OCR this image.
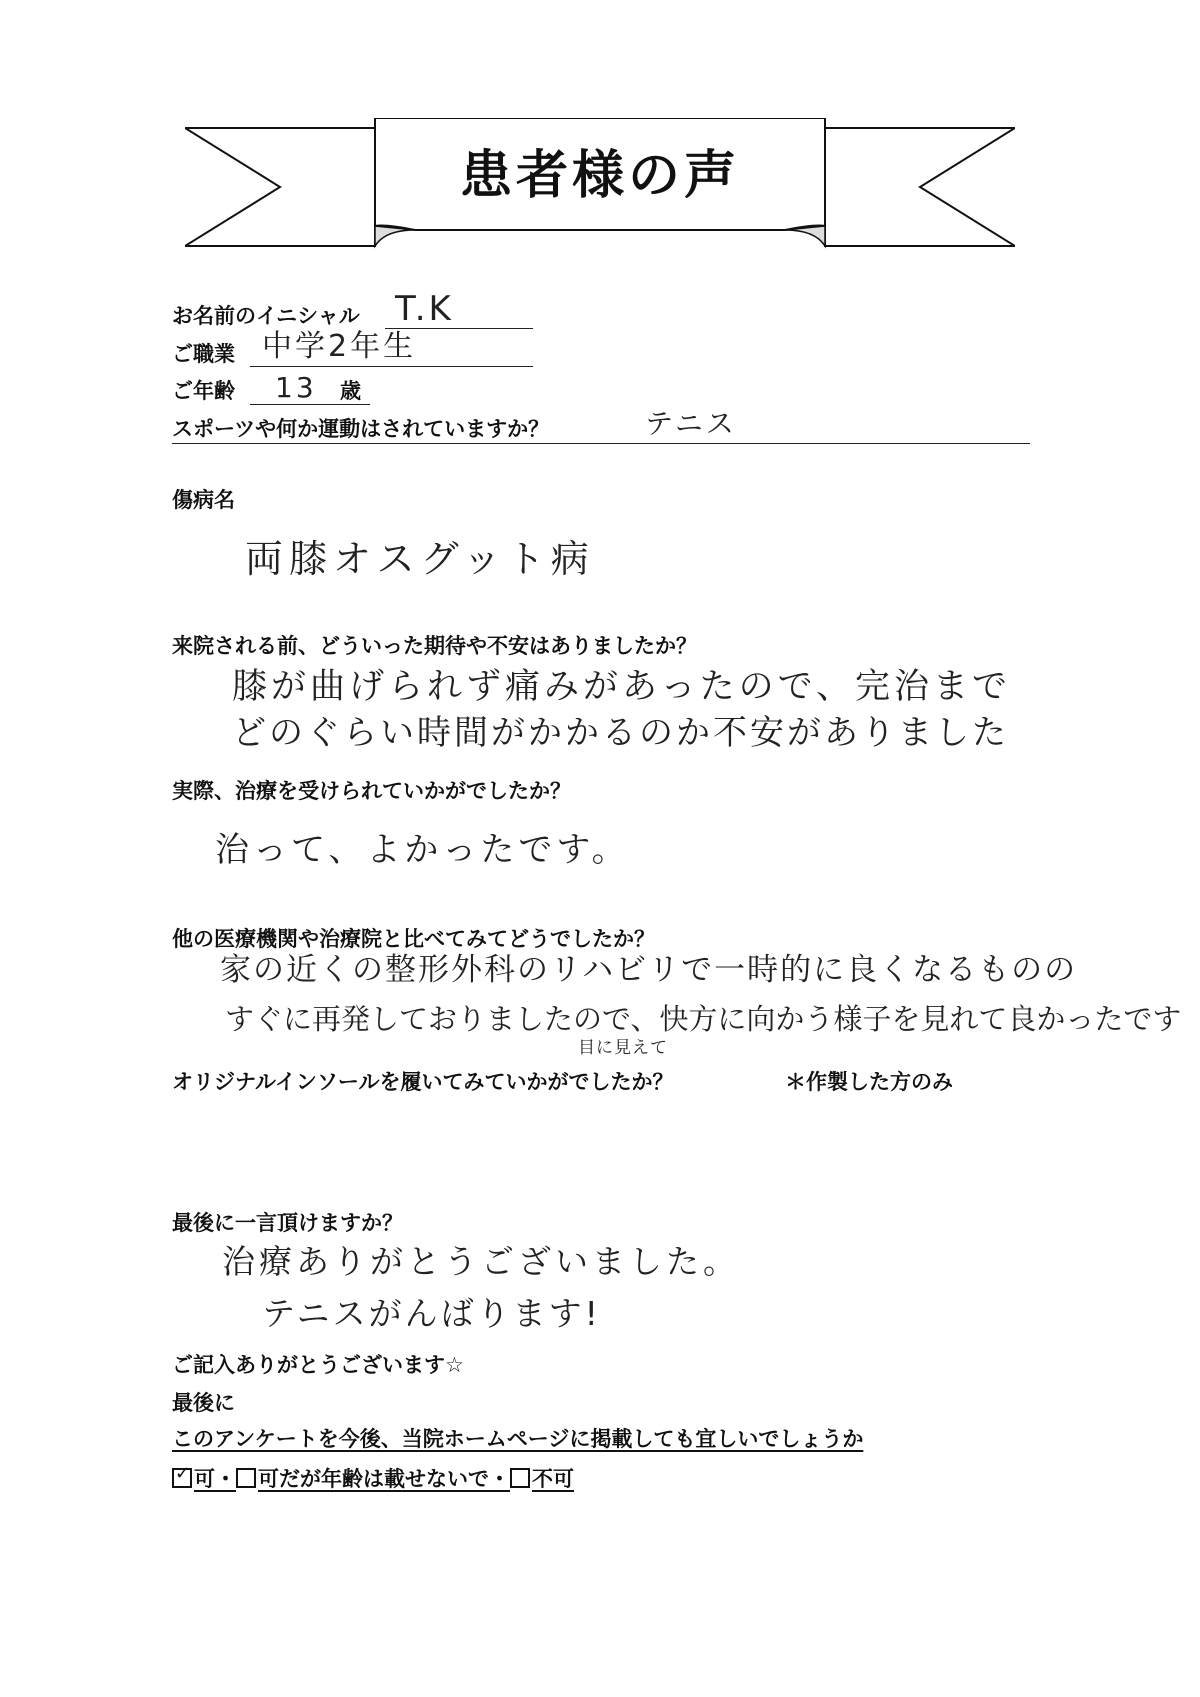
患者様の声
お名前のイニシャル T.K
ご職業 中学2年生
ご年齢 13 歳
スポーツや何か運動はされていますか？	テニス
傷病名
両膝オスグット病
来院される前、どういった期待や不安はありましたか？
膝が曲げられず痛みがあったので、完治まで
どのぐらい時間がかかるのか不安がありました
実際、治療を受けられていかがでしたか？
治って、よかったです。
他の医療機関や治療院と比べてみてどうでしたか？
家の近くの整形外科のリハビリで一時的に良くなるものの
すぐに再発しておりましたので、快方に向かう様子を見れて良かったです
目に見えて
オリジナルインソールを履いてみていかがでしたか？	＊作製した方のみ
最後に一言頂けますか？
治療ありがとうございました。
テニスがんばります!
ご記入ありがとうございます☆
最後に
このアンケートを今後、当院ホームページに掲載しても宜しいでしょうか
✓ 可・ 可だが年齢は載せないで・ 不可
